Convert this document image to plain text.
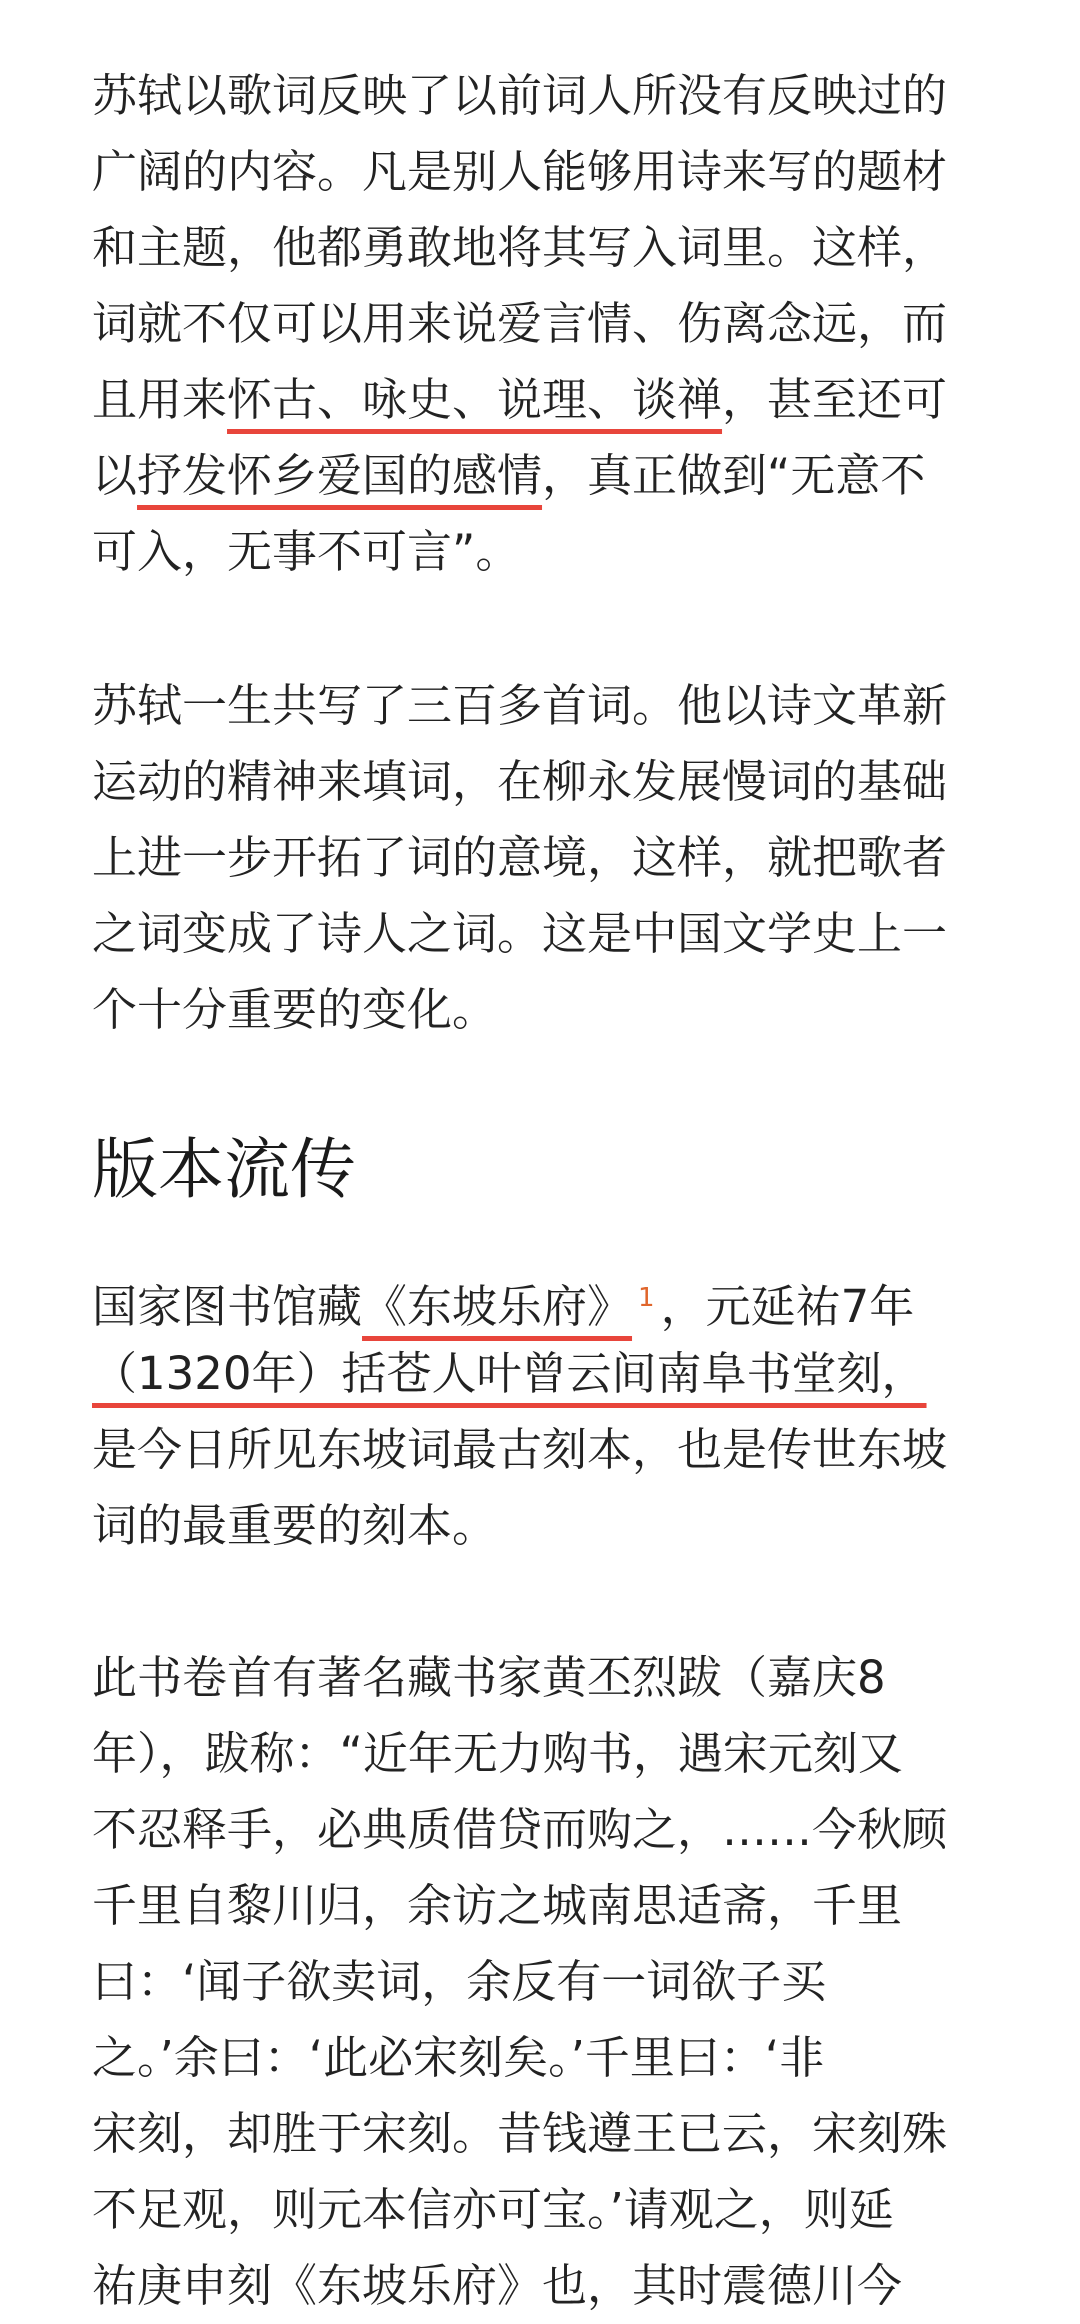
苏轼以歌词反映了以前词人所没有反映过的
广阔的内容。凡是别人能够用诗来写的题材
和主题，他都勇敢地将其写入词里。这样，
词就不仅可以用来说爱言情、伤离念远，而
且用来怀古、咏史、说理、谈禅，甚至还可
以抒发怀乡爱国的感情，真正做到“无意不
可入，无事不可言”。

苏轼一生共写了三百多首词。他以诗文革新
运动的精神来填词，在柳永发展慢词的基础
上进一步开拓了词的意境，这样，就把歌者
之词变成了诗人之词。这是中国文学史上一
个十分重要的变化。

版本流传

国家图书馆藏《东坡乐府》 $^1$ ，元延祐7年
（1320年）括苍人叶曾云间南阜书堂刻，
是今日所见东坡词最古刻本，也是传世东坡
词的最重要的刻本。

此书卷首有著名藏书家黄丕烈跋（嘉庆8
年），跋称：“近年无力购书，遇宋元刻又
不忍释手，必典质借贷而购之，……今秋顾
千里自黎川归，余访之城南思适斋，千里
曰：‘闻子欲卖词，余反有一词欲子买
之。’余曰：‘此必宋刻矣。’千里曰：‘非
宋刻，却胜于宋刻。昔钱遵王已云，宋刻殊
不足观，则元本信亦可宝。’请观之，则延
祐庚申刻《东坡乐府》也，其时震德川今
